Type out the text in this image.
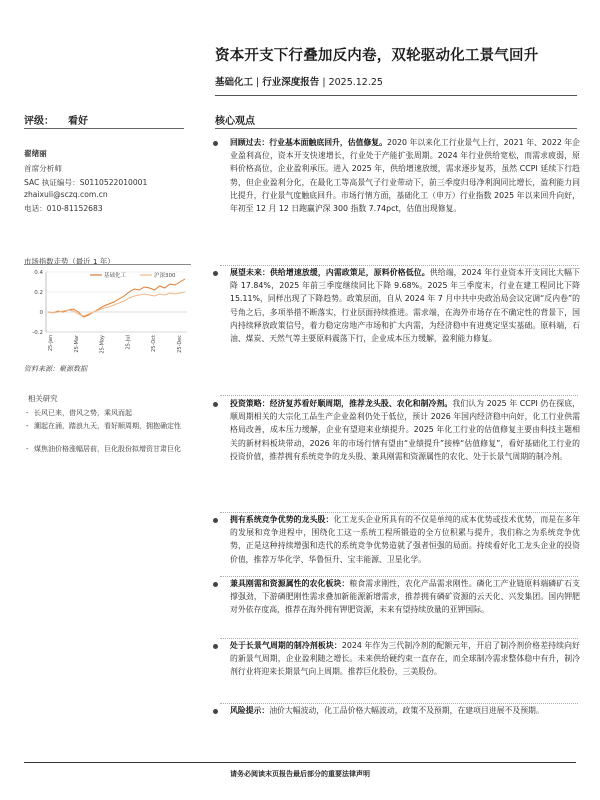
资本开支下行叠加反内卷，双轮驱动化工景气回升
基础化工 | 行业深度报告 | 2025.12.25
评级： 看好	核心观点
翟绪丽
首席分析师
SAC 执证编号：S0110522010001
zhaixuli@sczq.com.cn
电话：010-81152683
市场指数走势（最近 1 年）
0.4
0.2
0
-0.2
25-Jan	25-Mar	25-May	25-Jul	25-Oct	25-Dec
基础化工	沪深300
资料来源：聚源数据
相关研究
- 长风已来，借风之势，乘风而起
- 潮起在涌，踏浪九天，看好顺周期，拥抱确定性
- 煤焦油价格涨幅居前，巨化股份拟增资甘肃巨化
回顾过去：行业基本面触底回升，估值修复。2020 年以来化工行业景气上行，2021 年、2022 年企业盈利高位，资本开支快速增长，行业处于产能扩张周期。2024 年行业供给宽松，而需求疲弱，原料价格高位，企业盈利承压。进入 2025 年，供给增速放缓，需求逐步复苏，虽然 CCPI 延续下行趋势，但企业盈利分化，在最化工等高景气子行业带动下，前三季度归母净利润同比增长，盈利能力同比提升，行业景气度触底回升。市场行情方面，基础化工（申万）行业指数 2025 年以来回升向好，年初至 12 月 12 日跑赢沪深 300 指数 7.74pct，估值出现修复。
展望未来：供给增速放缓，内需政策足，原料价格低位。供给端，2024 年行业资本开支同比大幅下降 17.84%，2025 年前三季度继续同比下降 9.68%。2025 年三季度末，行业在建工程同比下降 15.11%，同样出现了下降趋势。政策层面，自从 2024 年 7 月中共中央政治局会议定调“反内卷”的号角之后，多项举措不断落实，行业层面持续推进。需求端，在海外市场存在不确定性的背景下，国内持续释放政策信号，着力稳定房地产市场和扩大内需，为经济稳中有进奠定坚实基础。原料端，石油、煤炭、天然气等主要原料震荡下行，企业成本压力缓解，盈利能力修复。
投资策略：经济复苏看好顺周期，推荐龙头股、农化和制冷剂。我们认为 2025 年 CCPI 仍在探底，顺周期相关的大宗化工品生产企业盈利仍处于低位，预计 2026 年国内经济稳中向好，化工行业供需格局改善，成本压力缓解，企业有望迎来业绩提升。2025 年化工行业的估值修复主要由科技主题相关的新材料板块带动，2026 年的市场行情有望由“业绩提升”接棒“估值修复”，看好基础化工行业的投资价值，推荐拥有系统竞争的龙头股、兼具刚需和资源属性的农化、处于长景气周期的制冷剂。
拥有系统竞争优势的龙头股：化工龙头企业所具有的不仅是单纯的成本优势或技术优势，而是在多年的发展和竞争进程中，围绕化工这一系统工程所锻造的全方位积累与提升，我们称之为系统竞争优势，正是这种持续增强和迭代的系统竞争优势造就了强者恒强的局面。持续看好化工龙头企业的投资价值，推荐万华化学、华鲁恒升、宝丰能源、卫星化学。
兼具刚需和资源属性的农化板块：粮食需求刚性，农化产品需求刚性。磷化工产业链原料端磷矿石支撑强劲，下游磷肥刚性需求叠加新能源新增需求，推荐拥有磷矿资源的云天化、兴发集团。国内钾肥对外依存度高，推荐在海外拥有钾肥资源，未来有望持续放量的亚钾国际。
处于长景气周期的制冷剂板块：2024 年作为三代制冷剂的配额元年，开启了制冷剂价格差持续向好的新景气周期，企业盈利随之增长。未来供给硬约束一直存在，而全球制冷需求整体稳中有升，制冷剂行业将迎来长期景气向上周期。推荐巨化股份，三美股份。
风险提示：油价大幅波动，化工品价格大幅波动，政策不及预期，在建项目进展不及预期。
请务必阅读末页报告最后部分的重要法律声明
